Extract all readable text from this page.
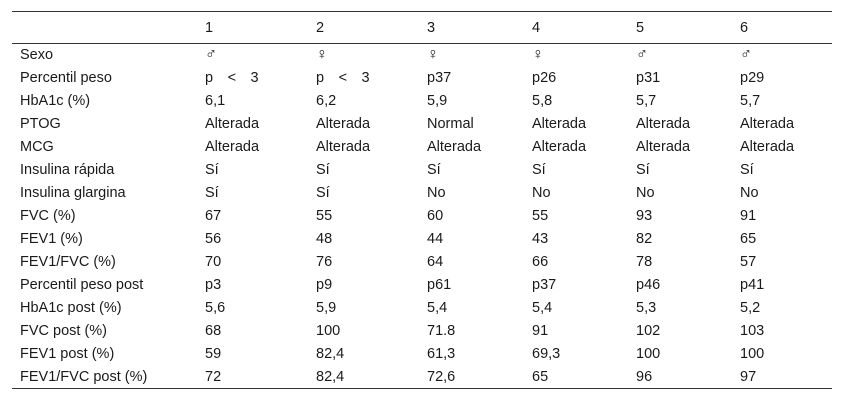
	1	2	3	4	5	6
Sexo	♂	♀	♀	♀	♂	♂
Percentil peso	p < 3	p < 3	p37	p26	p31	p29
HbA1c (%)	6,1	6,2	5,9	5,8	5,7	5,7
PTOG	Alterada	Alterada	Normal	Alterada	Alterada	Alterada
MCG	Alterada	Alterada	Alterada	Alterada	Alterada	Alterada
Insulina rápida	Sí	Sí	Sí	Sí	Sí	Sí
Insulina glargina	Sí	Sí	No	No	No	No
FVC (%)	67	55	60	55	93	91
FEV1 (%)	56	48	44	43	82	65
FEV1/FVC (%)	70	76	64	66	78	57
Percentil peso post	p3	p9	p61	p37	p46	p41
HbA1c post (%)	5,6	5,9	5,4	5,4	5,3	5,2
FVC post (%)	68	100	71.8	91	102	103
FEV1 post (%)	59	82,4	61,3	69,3	100	100
FEV1/FVC post (%)	72	82,4	72,6	65	96	97
